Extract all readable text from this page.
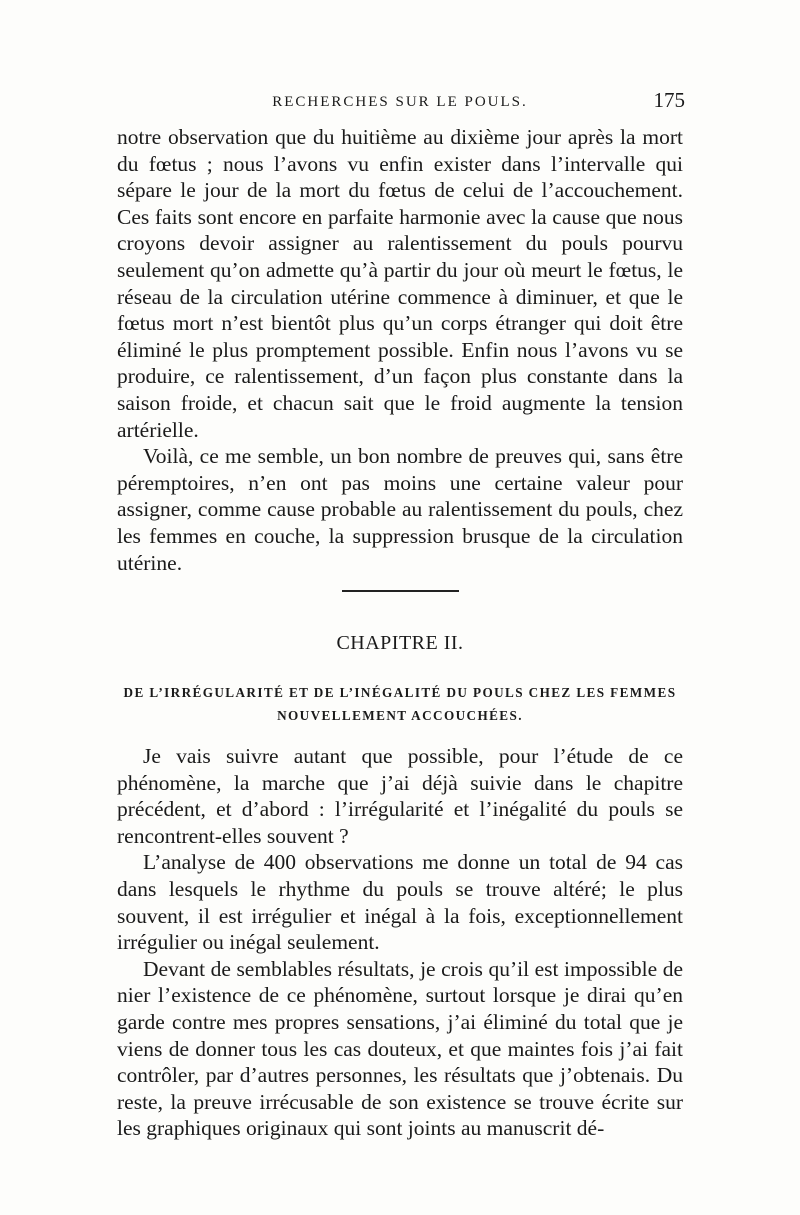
RECHERCHES SUR LE POULS.	175

notre observation que du huitième au dixième jour après la mort du fœtus ; nous l’avons vu enfin exister dans l’intervalle qui sépare le jour de la mort du fœtus de celui de l’accouchement. Ces faits sont encore en parfaite harmonie avec la cause que nous croyons devoir assigner au ralentissement du pouls pourvu seulement qu’on admette qu’à partir du jour où meurt le fœtus, le réseau de la circulation utérine commence à diminuer, et que le fœtus mort n’est bientôt plus qu’un corps étranger qui doit être éliminé le plus promptement possible. Enfin nous l’avons vu se produire, ce ralentissement, d’un façon plus constante dans la saison froide, et chacun sait que le froid augmente la tension artérielle.

Voilà, ce me semble, un bon nombre de preuves qui, sans être péremptoires, n’en ont pas moins une certaine valeur pour assigner, comme cause probable au ralentissement du pouls, chez les femmes en couche, la suppression brusque de la circulation utérine.

CHAPITRE II.
DE L’IRRÉGULARITÉ ET DE L’INÉGALITÉ DU POULS CHEZ LES FEMMES NOUVELLEMENT ACCOUCHÉES.

Je vais suivre autant que possible, pour l’étude de ce phénomène, la marche que j’ai déjà suivie dans le chapitre précédent, et d’abord : l’irrégularité et l’inégalité du pouls se rencontrent-elles souvent ?

L’analyse de 400 observations me donne un total de 94 cas dans lesquels le rhythme du pouls se trouve altéré; le plus souvent, il est irrégulier et inégal à la fois, exceptionnellement irrégulier ou inégal seulement.

Devant de semblables résultats, je crois qu’il est impossible de nier l’existence de ce phénomène, surtout lorsque je dirai qu’en garde contre mes propres sensations, j’ai éliminé du total que je viens de donner tous les cas douteux, et que maintes fois j’ai fait contrôler, par d’autres personnes, les résultats que j’obtenais. Du reste, la preuve irrécusable de son existence se trouve écrite sur les graphiques originaux qui sont joints au manuscrit dé-
